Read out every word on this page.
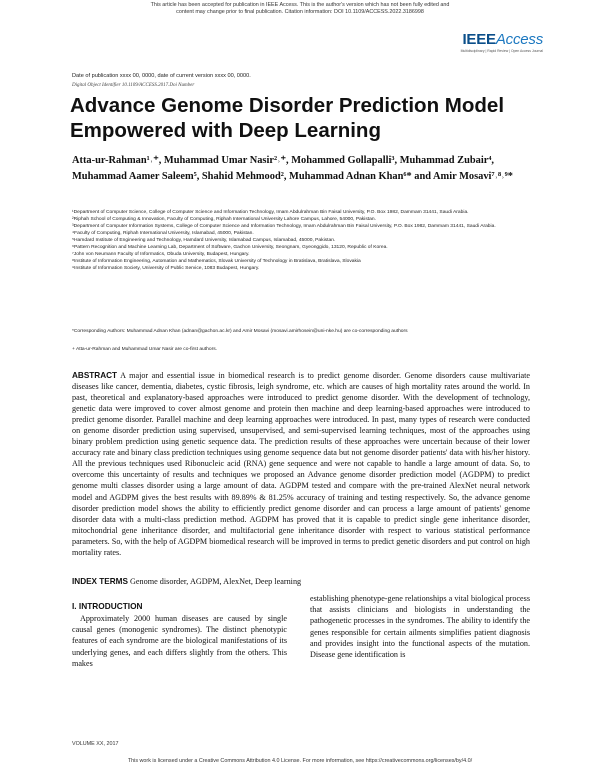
This article has been accepted for publication in IEEE Access. This is the author's version which has not been fully edited and
content may change prior to final publication. Citation information: DOI 10.1109/ACCESS.2022.3186998
IEEEAccess
Multidisciplinary | Rapid Review | Open Access Journal
Date of publication xxxx 00, 0000, date of current version xxxx 00, 0000.
Digital Object Identifier 10.1109/ACCESS.2017.Doi Number
Advance Genome Disorder Prediction Model Empowered with Deep Learning

Atta-ur-Rahman¹˒⁺, Muhammad Umar Nasir²˒⁺, Mohammed Gollapalli³, Muhammad Zubair⁴, Muhammad Aamer Saleem⁵, Shahid Mehmood², Muhammad Adnan Khan⁶* and Amir Mosavi⁷˒⁸˒⁹*

¹Department of Computer Science, College of Computer Science and Information Technology, Imam Abdulrahman Bin Faisal University, P.O. Box 1982, Dammam 31441, Saudi Arabia.

²Riphah School of Computing & Innovation, Faculty of Computing, Riphah International University Lahore Campus, Lahore, 54000, Pakistan.

³Department of Computer Information Systems, College of Computer Science and Information Technology, Imam Abdulrahman Bin Faisal University, P.O. Box 1982, Dammam 31441, Saudi Arabia.

⁴Faculty of Computing, Riphah International University, Islamabad, 45000, Pakistan.

⁵Hamdard Institute of Engineering and Technology, Hamdard University, Islamabad Campus, Islamabad, 45000, Pakistan.

⁶Pattern Recognition and Machine Learning Lab, Department of Software, Gachon University, Seongnam, Gyeonggido, 13120, Republic of Korea.

⁷John von Neumann Faculty of Informatics, Obuda University, Budapest, Hungary.

⁸Institute of Information Engineering, Automation and Mathematics, Slovak University of Technology in Bratislava, Bratislava, Slovakia

⁹Institute of Information Society, University of Public Service, 1083 Budapest, Hungary.

*Corresponding Authors: Muhammad Adnan Khan (adnan@gachon.ac.kr) and Amir Mosavi (mosavi.amirhosein@uni-nke.hu) are co-corresponding authors

+ Atta-ur-Rahman and Muhammad Umar Nasir are co-first authors.

ABSTRACT A major and essential issue in biomedical research is to predict genome disorder. Genome disorders cause multivariate diseases like cancer, dementia, diabetes, cystic fibrosis, leigh syndrome, etc. which are causes of high mortality rates around the world. In past, theoretical and explanatory-based approaches were introduced to predict genome disorder. With the development of technology, genetic data were improved to cover almost genome and protein then machine and deep learning-based approaches were introduced to predict genome disorder. Parallel machine and deep learning approaches were introduced. In past, many types of research were conducted on genome disorder prediction using supervised, unsupervised, and semi-supervised learning techniques, most of the approaches using binary problem prediction using genetic sequence data. The prediction results of these approaches were uncertain because of their lower accuracy rate and binary class prediction techniques using genome sequence data but not genome disorder patients' data with his/her history. All the previous techniques used Ribonucleic acid (RNA) gene sequence and were not capable to handle a large amount of data. So, to overcome this uncertainty of results and techniques we proposed an Advance genome disorder prediction model (AGDPM) to predict genome multi classes disorder using a large amount of data. AGDPM tested and compare with the pre-trained AlexNet neural network model and AGDPM gives the best results with 89.89% & 81.25% accuracy of training and testing respectively. So, the advance genome disorder prediction model shows the ability to efficiently predict genome disorder and can process a large amount of patients' genome disorder data with a multi-class prediction method. AGDPM has proved that it is capable to predict single gene inheritance disorder, mitochondrial gene inheritance disorder, and multifactorial gene inheritance disorder with respect to various statistical performance parameters. So, with the help of AGDPM biomedical research will be improved in terms to predict genetic disorders and put control on high mortality rates.

INDEX TERMS Genome disorder, AGDPM, AlexNet, Deep learning

I. INTRODUCTION

Approximately 2000 human diseases are caused by single causal genes (monogenic syndromes). The distinct phenotypic features of each syndrome are the biological manifestations of its underlying genes, and each differs slightly from the others. This makes

establishing phenotype-gene relationships a vital biological process that assists clinicians and biologists in understanding the pathogenetic processes in the syndromes. The ability to identify the genes responsible for certain ailments simplifies patient diagnosis and provides insight into the functional aspects of the mutation. Disease gene identification is

VOLUME XX, 2017
This work is licensed under a Creative Commons Attribution 4.0 License. For more information, see https://creativecommons.org/licenses/by/4.0/
